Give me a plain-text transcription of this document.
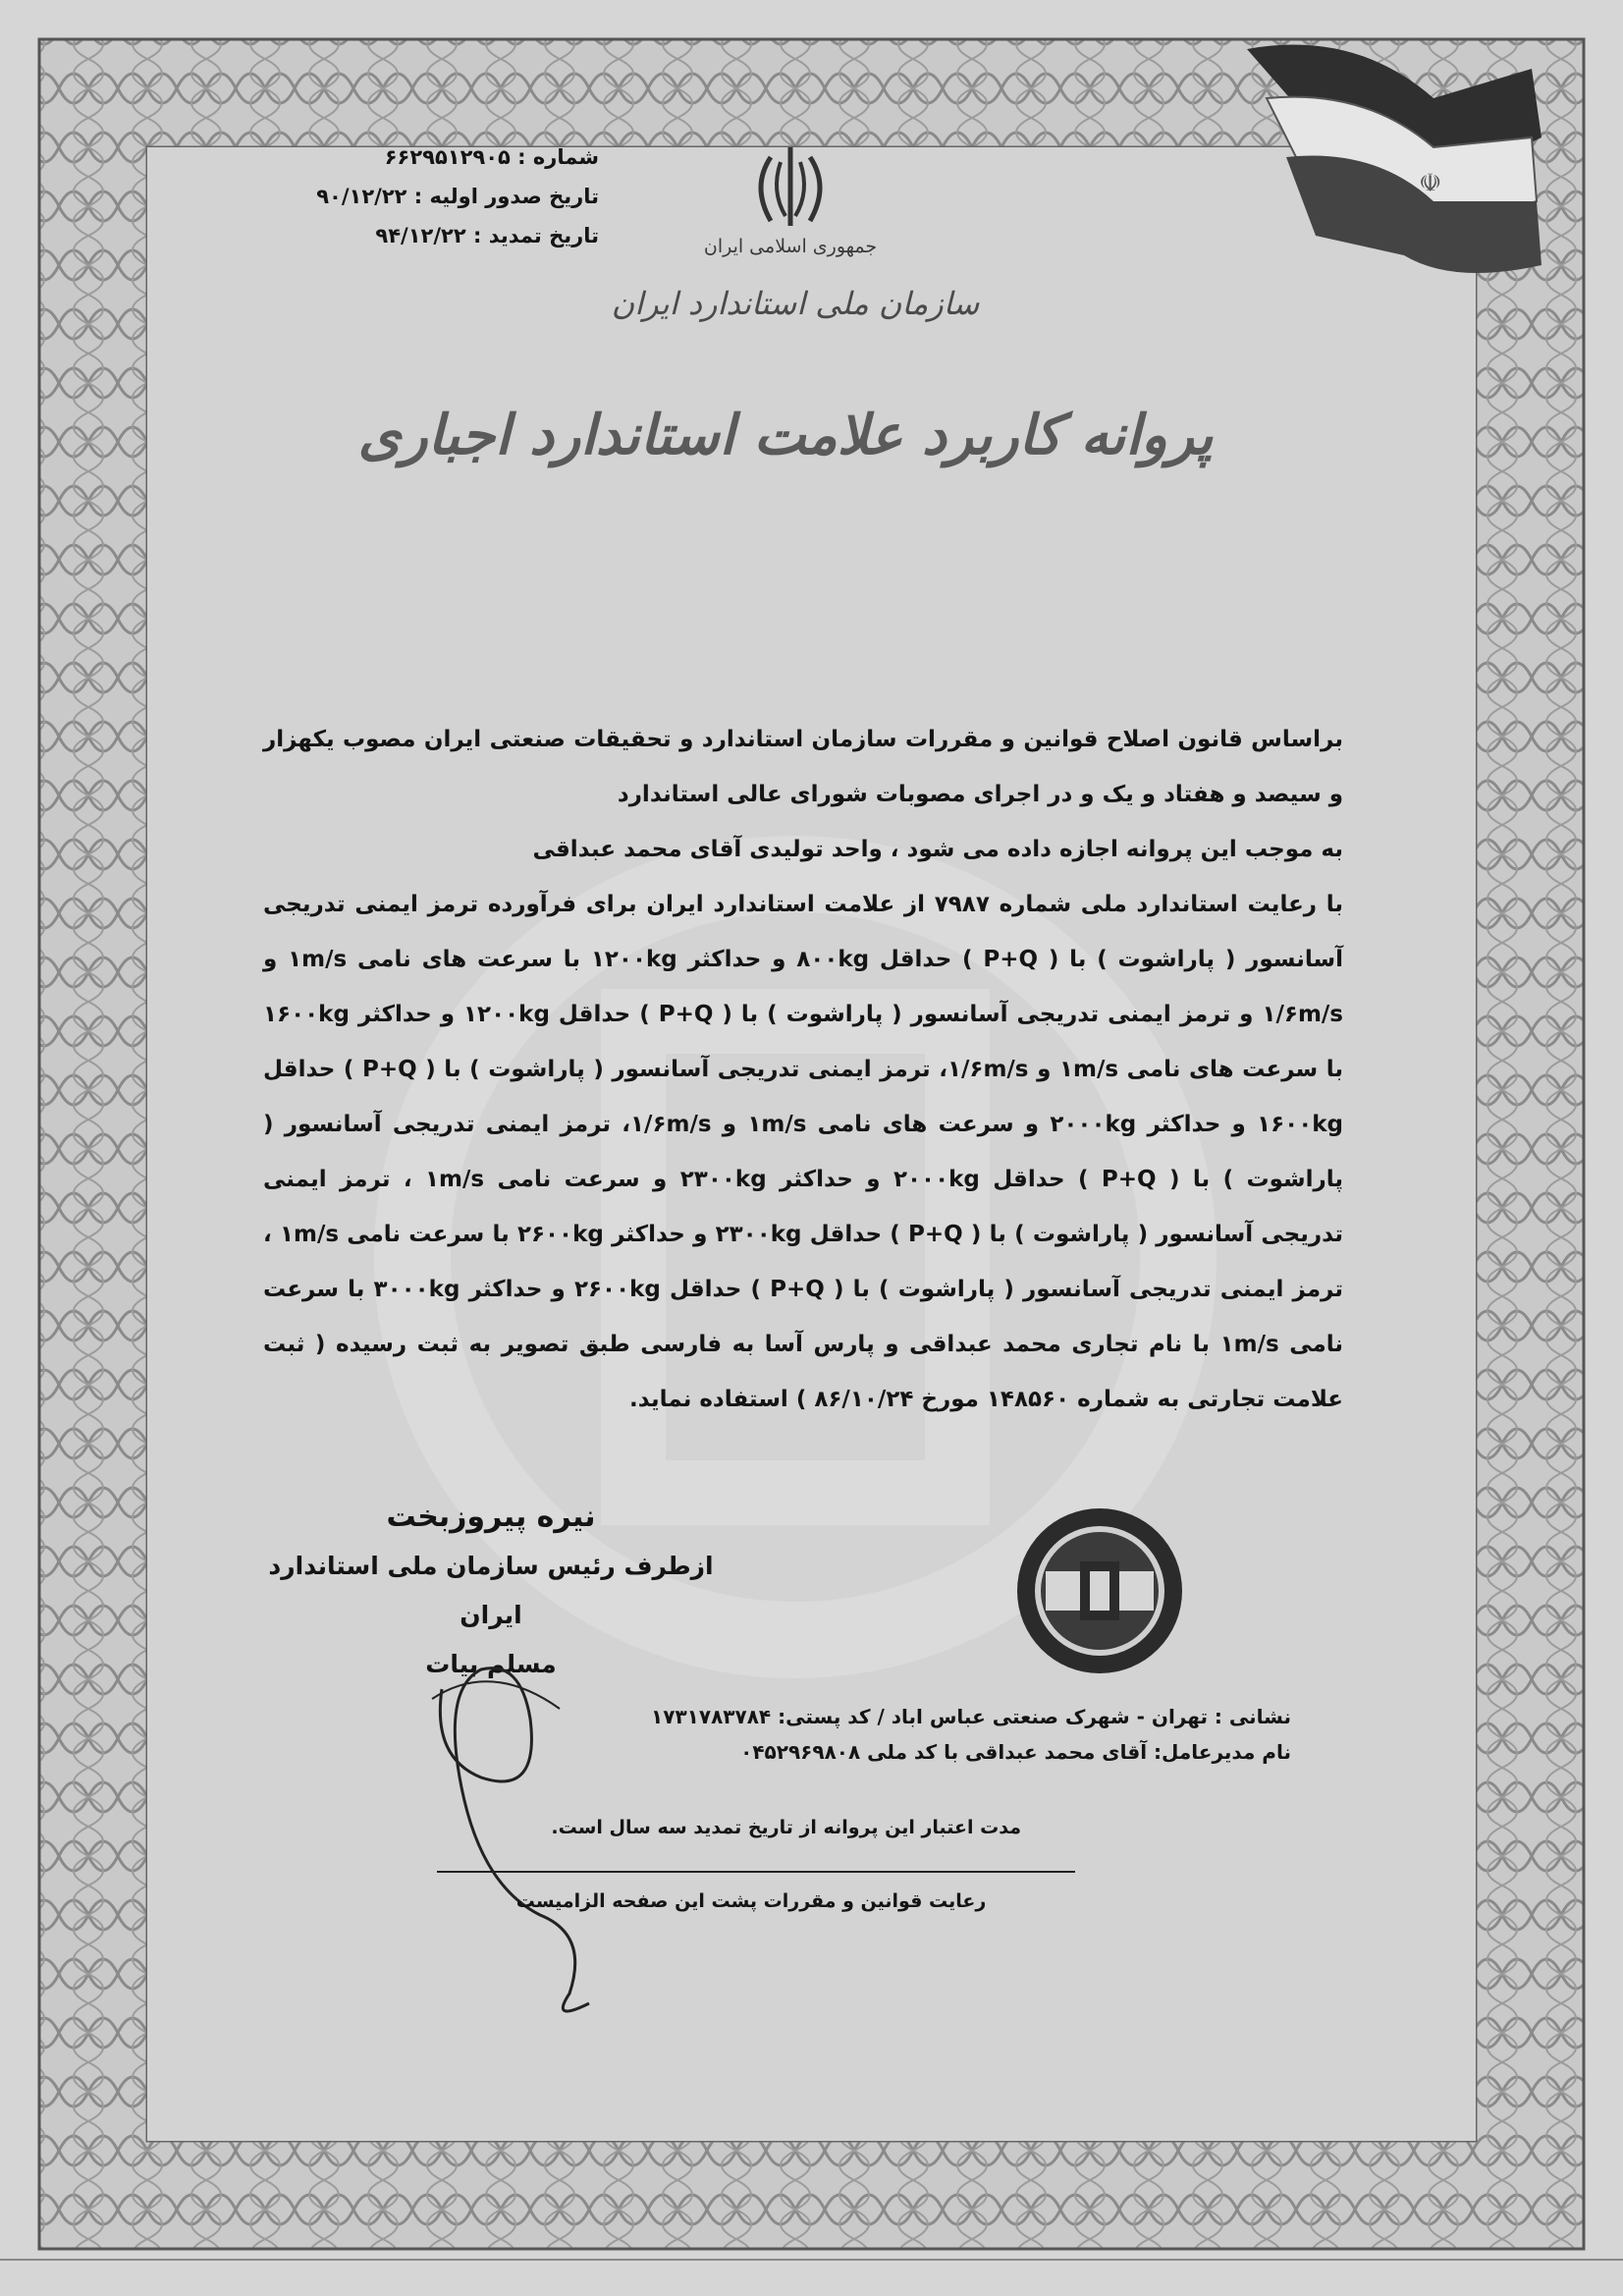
☫
شماره : ۶۶۲۹۵۱۲۹۰۵
تاریخ صدور اولیه : ۹۰/۱۲/۲۲
تاریخ تمدید : ۹۴/۱۲/۲۲	جمهوری اسلامی ایران
سازمان ملی استاندارد ایران
پروانه کاربرد علامت استاندارد اجباری

براساس قانون اصلاح قوانین و مقررات سازمان استاندارد و تحقیقات صنعتی ایران مصوب یکهزار و سیصد و هفتاد و یک و در اجرای مصوبات شورای عالی استاندارد

به موجب این پروانه اجازه داده می شود ، واحد تولیدی آقای محمد عبداقی

با رعایت استاندارد ملی شماره ۷۹۸۷ از علامت استاندارد ایران برای فرآورده ترمز ایمنی تدریجی آسانسور ( پاراشوت ) با ( P+Q ) حداقل ۸۰۰kg و حداکثر ۱۲۰۰kg با سرعت های نامی ۱m/s و ۱/۶m/s و ترمز ایمنی تدریجی آسانسور ( پاراشوت ) با ( P+Q ) حداقل ۱۲۰۰kg و حداکثر ۱۶۰۰kg با سرعت های نامی ۱m/s و ۱/۶m/s، ترمز ایمنی تدریجی آسانسور ( پاراشوت ) با ( P+Q ) حداقل ۱۶۰۰kg و حداکثر ۲۰۰۰kg و سرعت های نامی ۱m/s و ۱/۶m/s، ترمز ایمنی تدریجی آسانسور ( پاراشوت ) با ( P+Q ) حداقل ۲۰۰۰kg و حداکثر ۲۳۰۰kg و سرعت نامی ۱m/s ، ترمز ایمنی تدریجی آسانسور ( پاراشوت ) با ( P+Q ) حداقل ۲۳۰۰kg و حداکثر ۲۶۰۰kg با سرعت نامی ۱m/s ، ترمز ایمنی تدریجی آسانسور ( پاراشوت ) با ( P+Q ) حداقل ۲۶۰۰kg و حداکثر ۳۰۰۰kg با سرعت نامی ۱m/s با نام تجاری محمد عبداقی و پارس آسا به فارسی طبق تصویر به ثبت رسیده ( ثبت علامت تجارتی به شماره ۱۴۸۵۶۰ مورخ ۸۶/۱۰/۲۴ ) استفاده نماید.

نیره پیروزبخت
ازطرف رئیس سازمان ملی استاندارد ایران
مسلم بیات
نشانی : تهران - شهرک صنعتی عباس اباد / کد پستی: ۱۷۳۱۷۸۳۷۸۴
نام مدیرعامل: آقای محمد عبداقی با کد ملی ۰۴۵۲۹۶۹۸۰۸
مدت اعتبار این پروانه از تاریخ تمدید سه سال است.
رعایت قوانین و مقررات پشت این صفحه الزامیست
